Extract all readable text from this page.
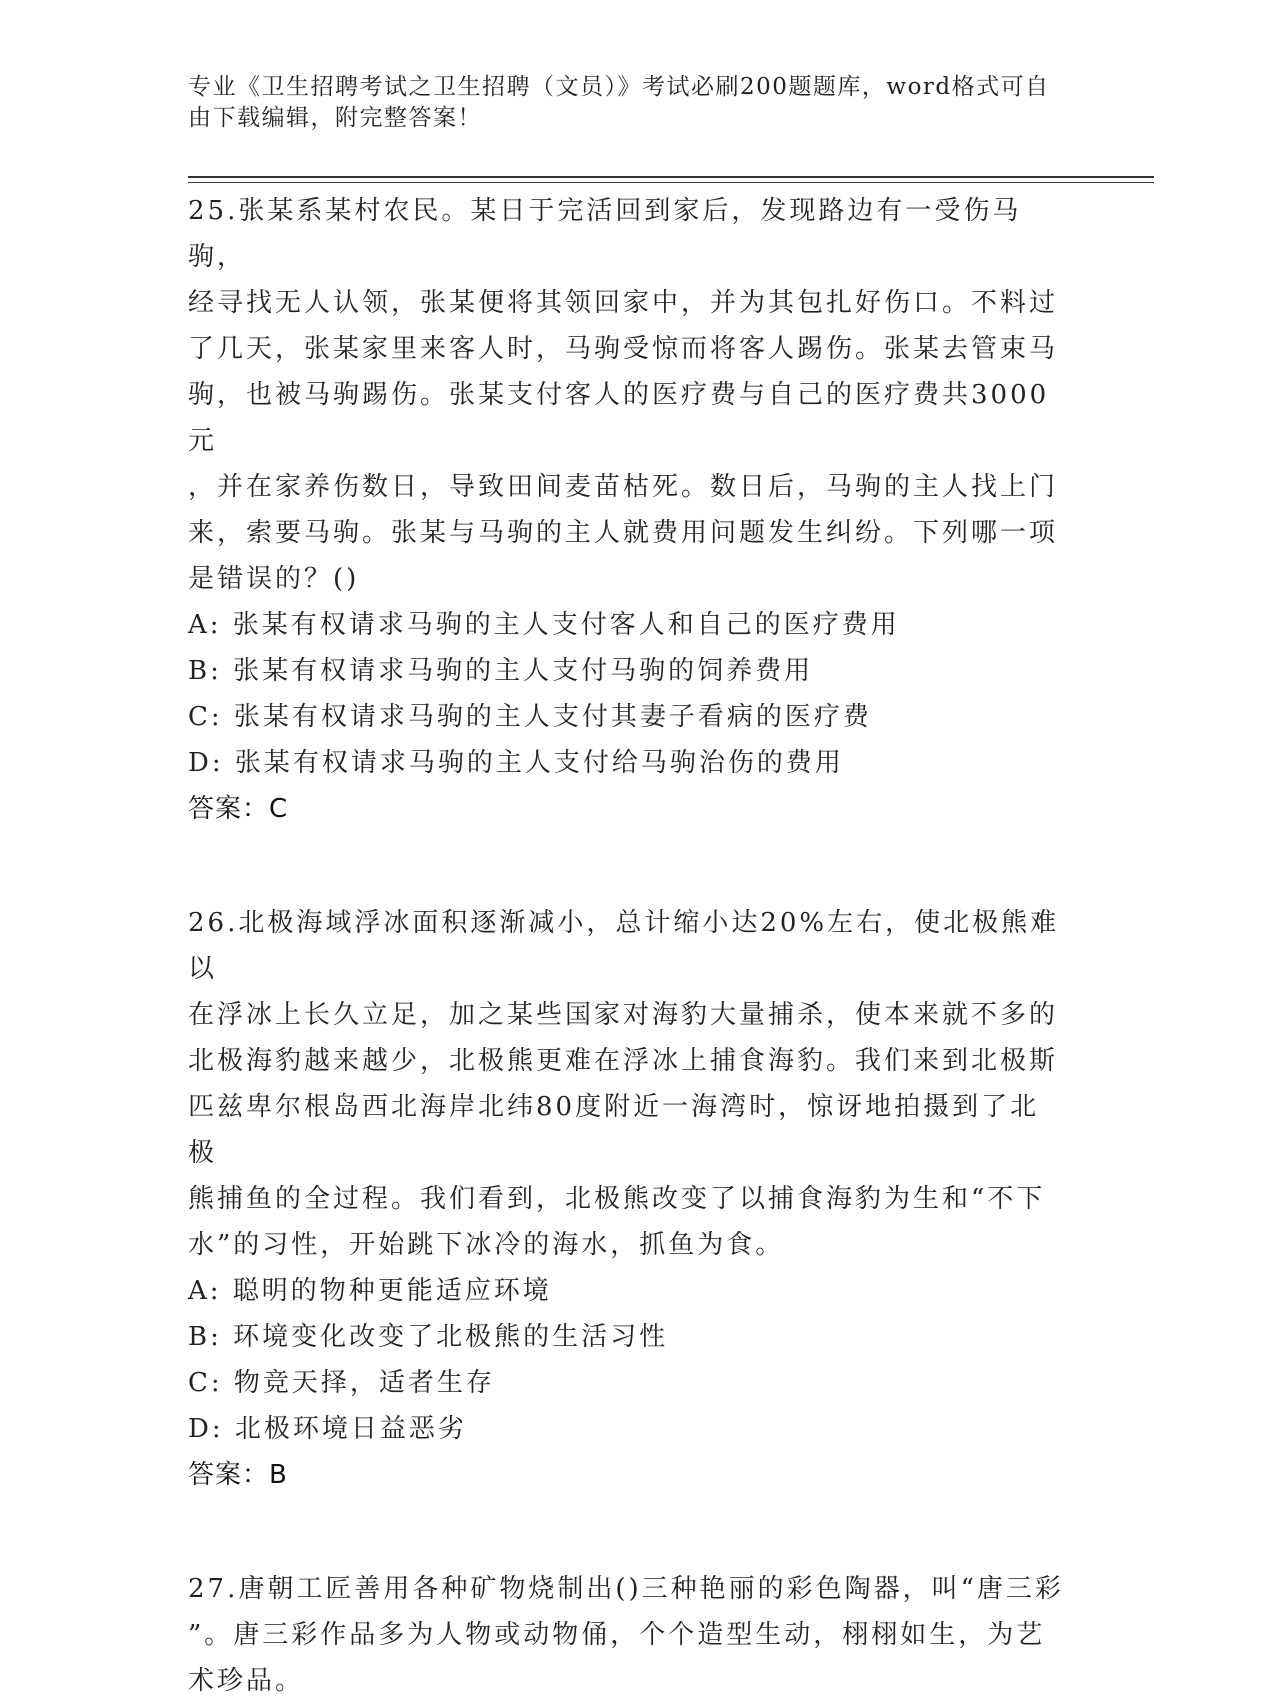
专业《卫生招聘考试之卫生招聘（文员）》考试必刷200题题库，word格式可自
由下载编辑，附完整答案！
25.张某系某村农民。某日于完活回到家后，发现路边有一受伤马驹，
经寻找无人认领，张某便将其领回家中，并为其包扎好伤口。不料过
了几天，张某家里来客人时，马驹受惊而将客人踢伤。张某去管束马
驹，也被马驹踢伤。张某支付客人的医疗费与自己的医疗费共3000元
，并在家养伤数日，导致田间麦苗枯死。数日后，马驹的主人找上门
来，索要马驹。张某与马驹的主人就费用问题发生纠纷。下列哪一项
是错误的？()
A: 张某有权请求马驹的主人支付客人和自己的医疗费用
B: 张某有权请求马驹的主人支付马驹的饲养费用
C: 张某有权请求马驹的主人支付其妻子看病的医疗费
D: 张某有权请求马驹的主人支付给马驹治伤的费用
答案：C
26.北极海域浮冰面积逐渐减小，总计缩小达20%左右，使北极熊难以
在浮冰上长久立足，加之某些国家对海豹大量捕杀，使本来就不多的
北极海豹越来越少，北极熊更难在浮冰上捕食海豹。我们来到北极斯
匹兹卑尔根岛西北海岸北纬80度附近一海湾时，惊讶地拍摄到了北极
熊捕鱼的全过程。我们看到，北极熊改变了以捕食海豹为生和“不下
水”的习性，开始跳下冰冷的海水，抓鱼为食。
A: 聪明的物种更能适应环境
B: 环境变化改变了北极熊的生活习性
C: 物竞天择，适者生存
D: 北极环境日益恶劣
答案：B
27.唐朝工匠善用各种矿物烧制出()三种艳丽的彩色陶器，叫“唐三彩
”。唐三彩作品多为人物或动物俑，个个造型生动，栩栩如生，为艺
术珍品。
